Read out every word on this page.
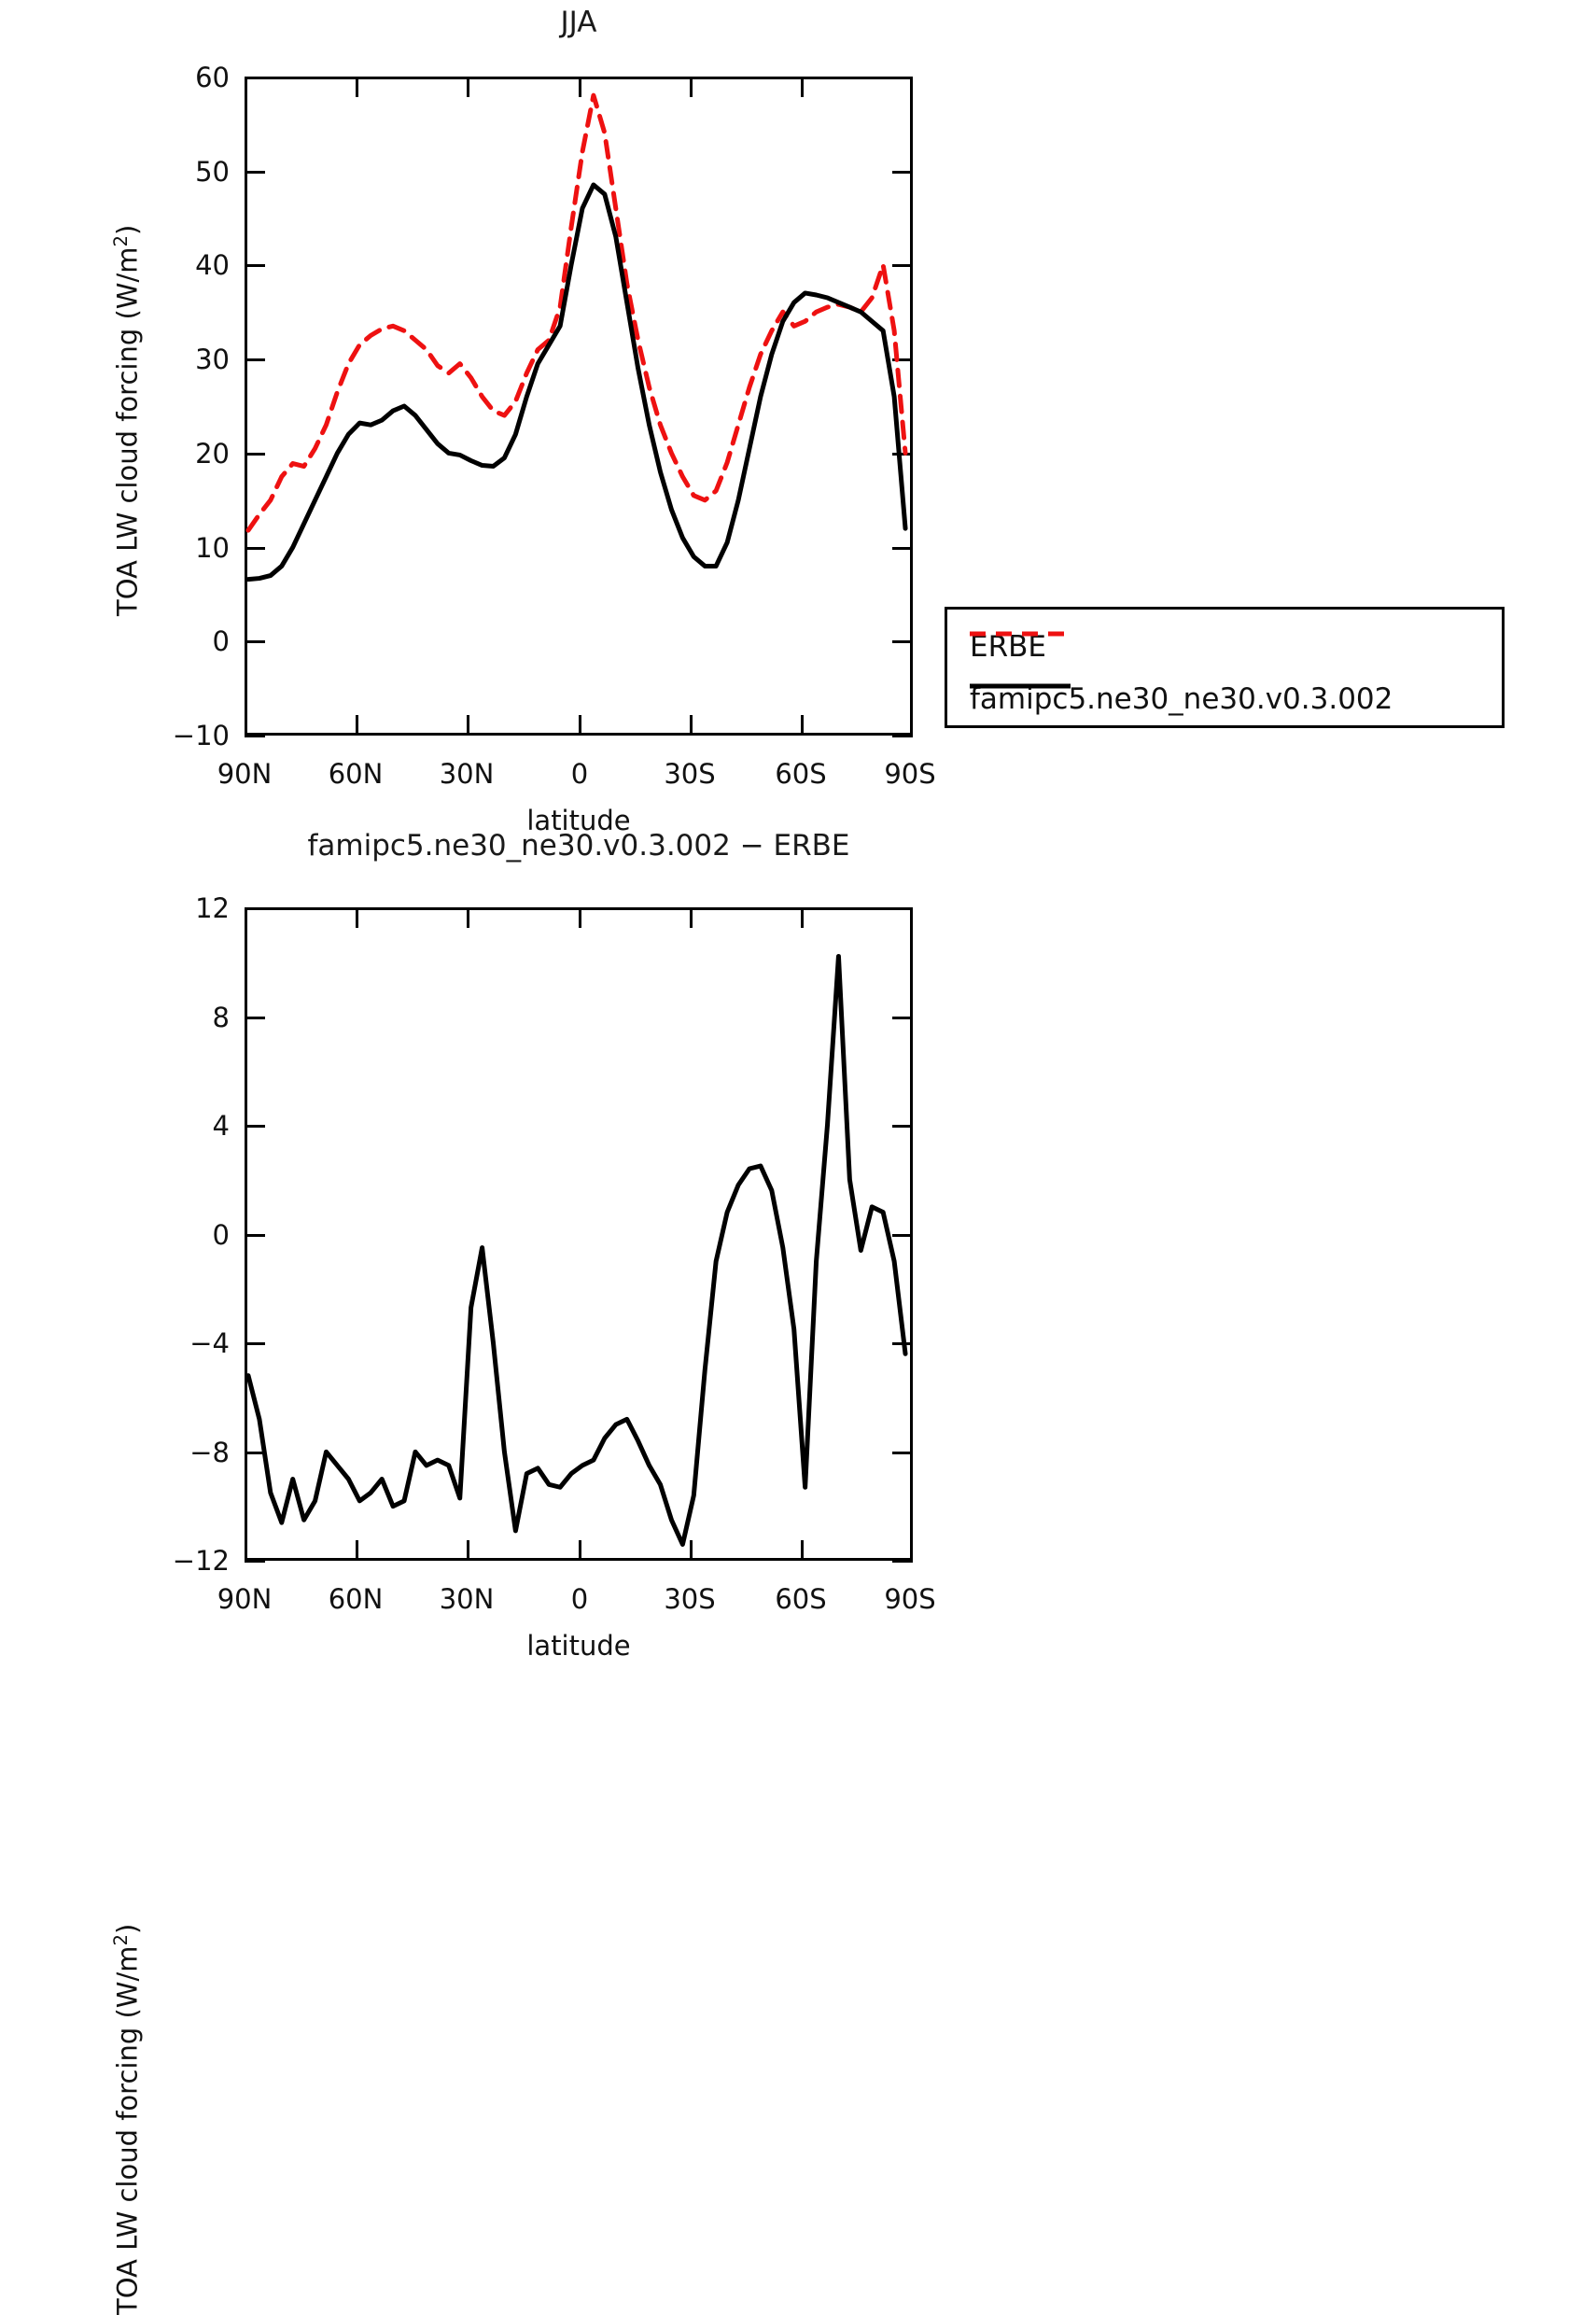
JJA
TOA LW cloud forcing $(W/m^2)$
60
50
40
30
20
10
0
−10
90N	60N	30N	0	30S	60S	90S
latitude
ERBE
famipc5.ne30_ne30.v0.3.002
famipc5.ne30_ne30.v0.3.002 − ERBE
TOA LW cloud forcing $(W/m^2)$
12
8
4
0
−4
−8
−12
90N	60N	30N	0	30S	60S	90S
latitude
